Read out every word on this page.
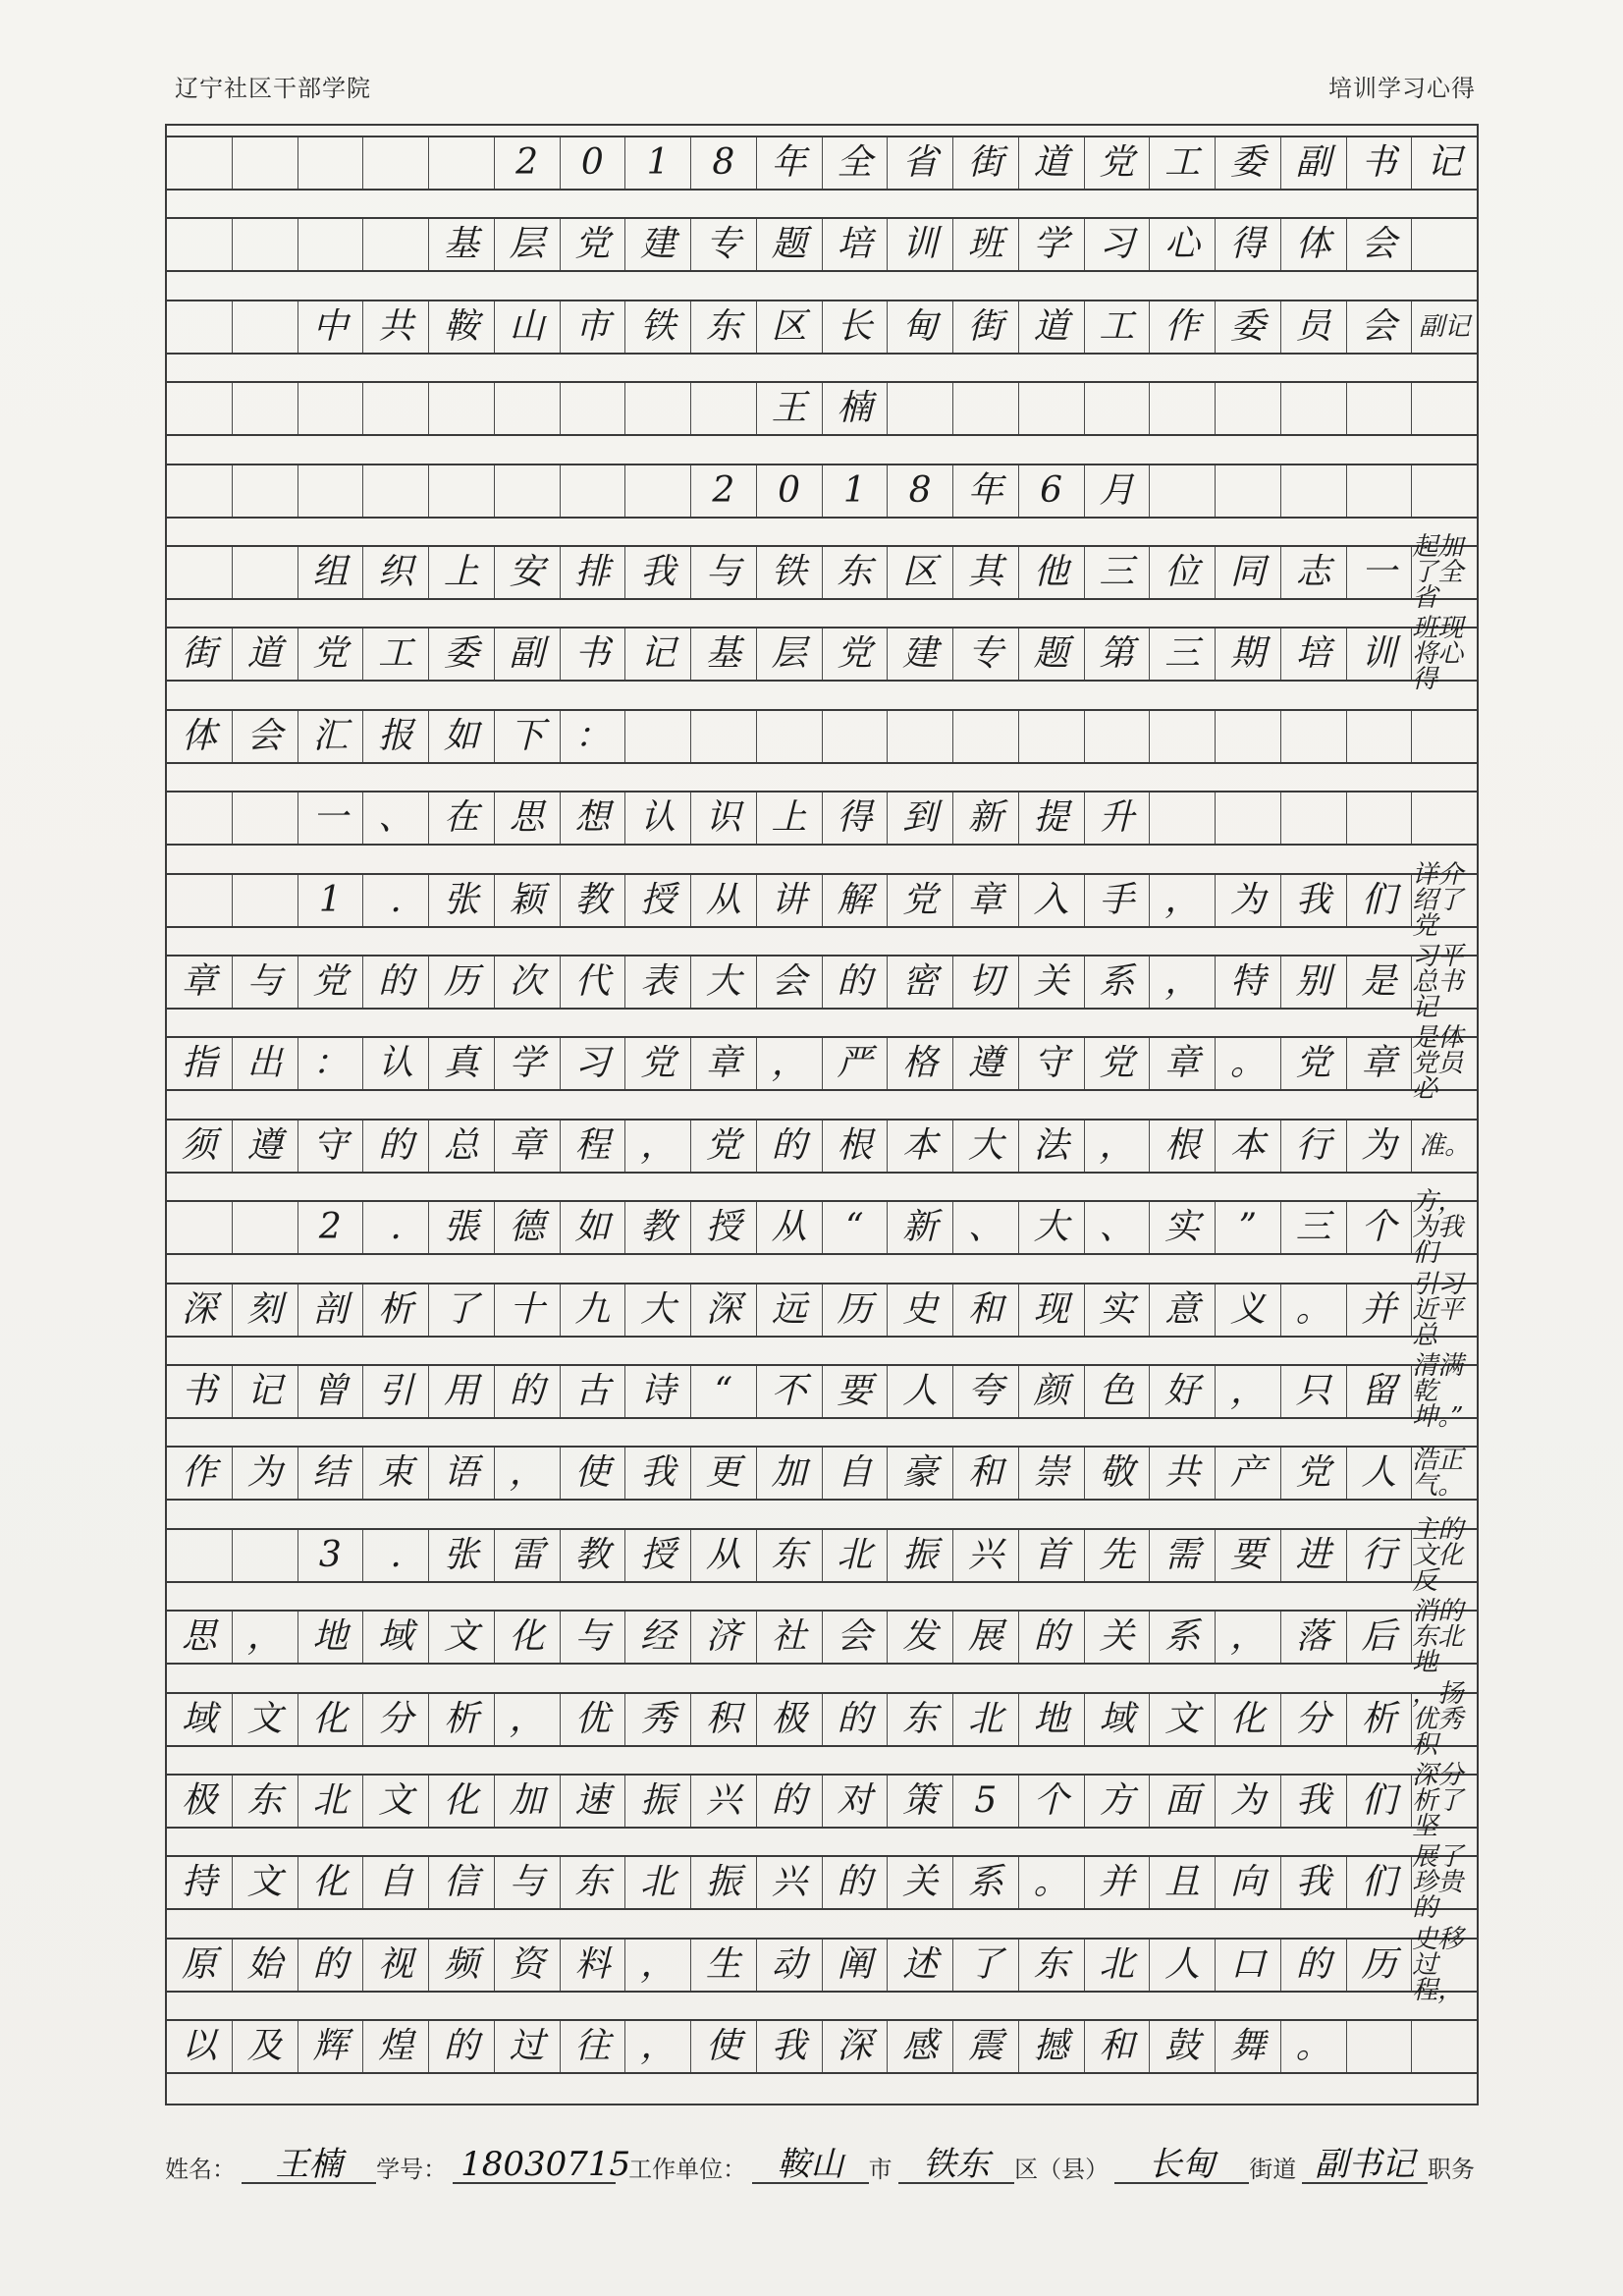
辽宁社区干部学院	培训学习心得
2	0	1	8	年 全 省 街 道 党 工 委 副 书 记
基 层 党 建 专 题 培 训 班 学 习 心 得 体 会
中 共 鞍 山 市 铁 东 区 长 甸 街 道 工 作 委 员 会 副记
王 楠
2	0	1	8	年	6	月
组 织 上 安 排 我 与 铁 东 区 其 他 三 位 同 志 一
起加了全省
街 道 党 工 委 副 书 记 基 层 党 建 专 题 第 三 期 培 训
班现将心得
体 会 汇 报 如 下 ：
一 、 在 思 想 认 识 上 得 到 新 提 升
1	.	张 颖 教 授 从 讲 解 党 章 入 手 ， 为 我 们
详介绍了党
章 与 党 的 历 次 代 表 大 会 的 密 切 关 系 ， 特 别 是
习平总书记
指 出 ： 认 真 学 习 党 章 ， 严 格 遵 守 党 章 。 党 章
是体党员必
须 遵 守 的 总 章 程 ， 党 的 根 本 大 法 ， 根 本 行 为 准。
2	.	張 德 如 教 授 从	“	新 、 大 、 实	”	三 个
方，为我们
深 刻 剖 析 了 十 九 大 深 远 历 史 和 现 实 意 义 。 并
引习近平总
书 记 曾 引 用 的 古 诗	“	不 要 人 夸 颜 色 好 ， 只 留
清满乾坤。”
作 为 结 束 语 ， 使 我 更 加 自 豪 和 崇 敬 共 产 党 人 浩正气。
3	.	张 雷 教 授 从 东 北 振 兴 首 先 需 要 进 行
主的文化反
思 ， 地 域 文 化 与 经 济 社 会 发 展 的 关 系 ， 落 后
消的东北地
域 文 化 分 析 ， 优 秀 积 极 的 东 北 地 域 文 化 分 析
，扬优秀积
极 东 北 文 化 加 速 振 兴 的 对 策	5	个 方 面 为 我 们
深分析了坚
持 文 化 自 信 与 东 北 振 兴 的 关 系 。 并 且 向 我 们
展了珍贵的
原 始 的 视 频 资 料 ， 生 动 阐 述 了 东 北 人 口 的 历
史移过程，
以 及 辉 煌 的 过 往 ， 使 我 深 感 震 撼 和 鼓 舞 。
姓名：	王楠	学号： 18030715
工作单位： 鞍山	市 铁东	区（县）	长甸	街道 副书记 职务
